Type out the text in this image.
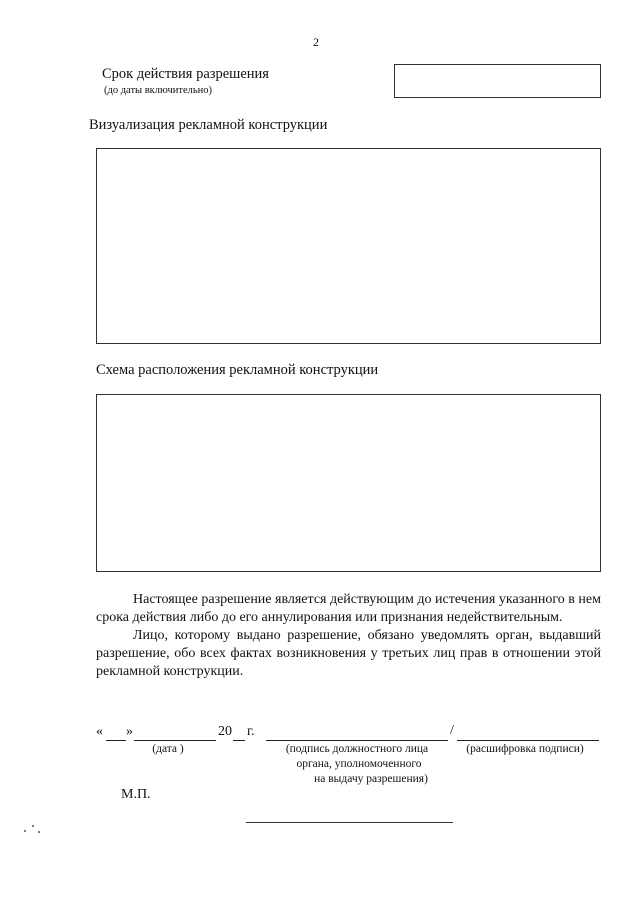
2
Срок действия разрешения
(до даты включительно)
Визуализация рекламной конструкции
Схема расположения рекламной конструкции

Настоящее разрешение является действующим до истечения указанного в нем срока действия либо до его аннулирования или признания недействительным.

Лицо, которому выдано разрешение, обязано уведомлять орган, выдавший разрешение, обо всех фактах возникновения у третьих лиц прав в отношении этой рекламной конструкции.

« »	20 г.	/
(дата )	(подпись должностного лица
органа, уполномоченного
на выдачу разрешения)
(расшифровка подписи)
М.П.
